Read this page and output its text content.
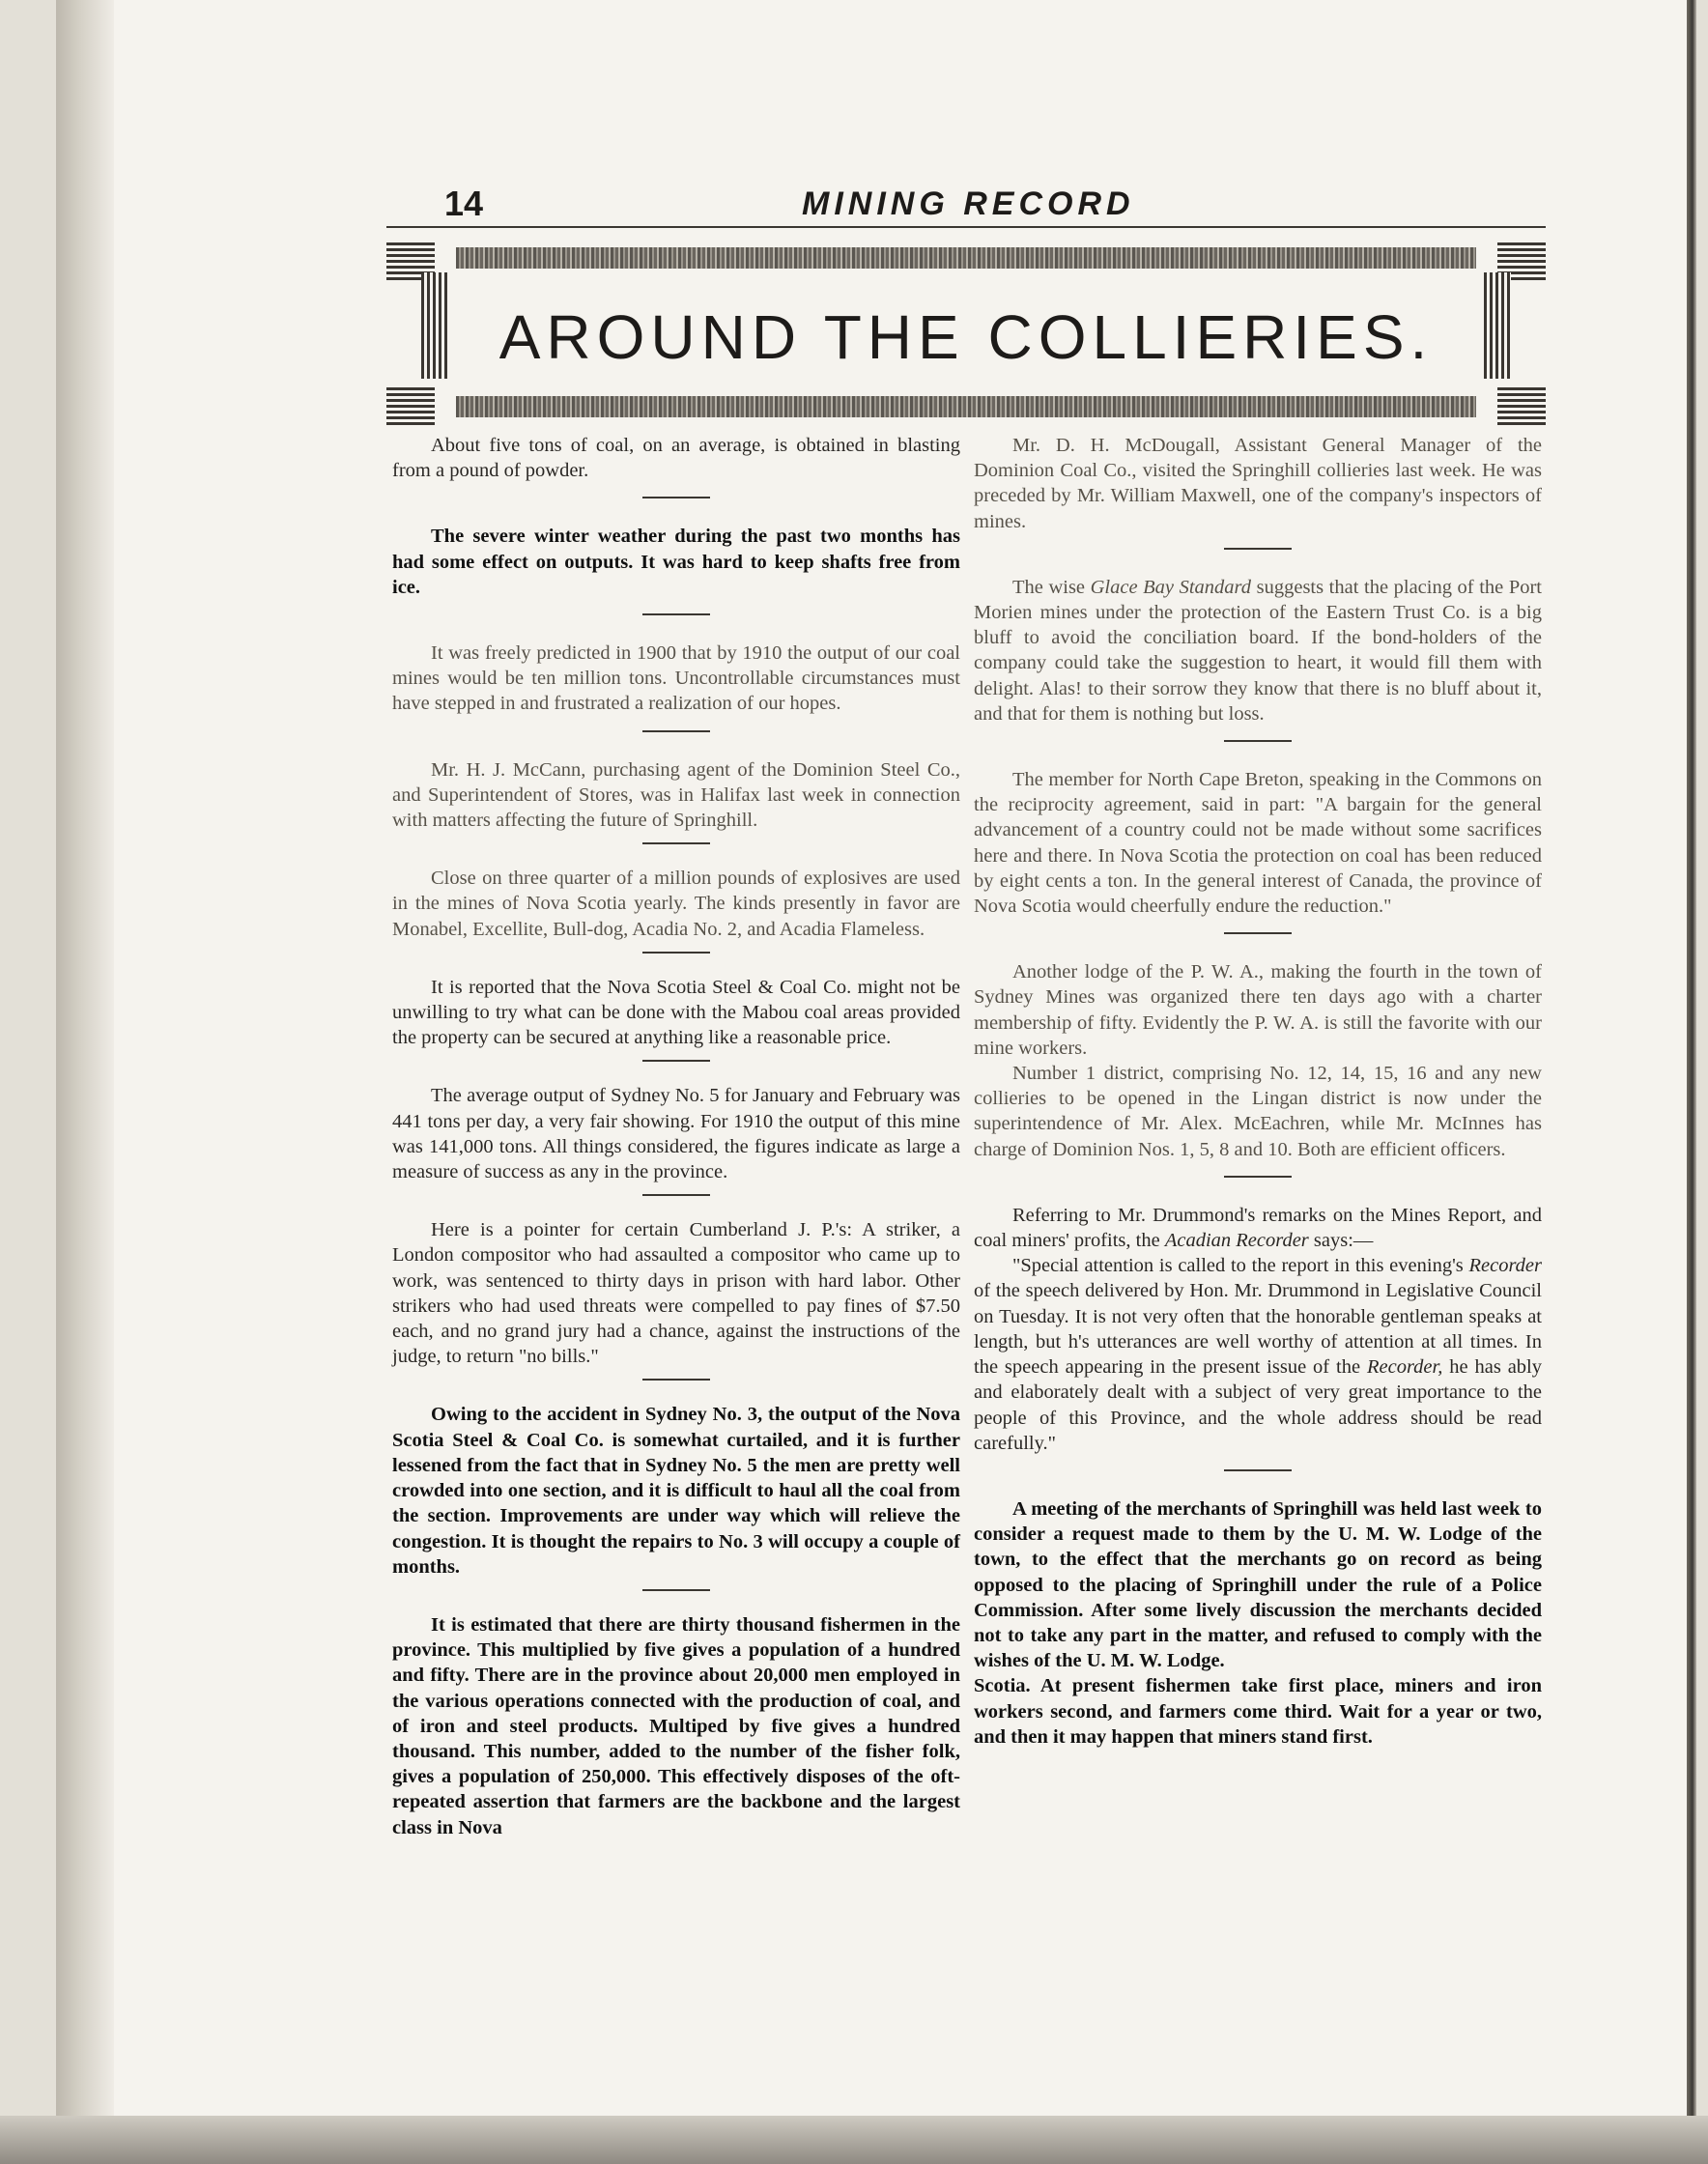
14	MINING RECORD
AROUND THE COLLIERIES.

About five tons of coal, on an average, is obtained in blasting from a pound of powder.

The severe winter weather during the past two months has had some effect on outputs. It was hard to keep shafts free from ice.

It was freely predicted in 1900 that by 1910 the output of our coal mines would be ten million tons. Uncontrollable circumstances must have stepped in and frustrated a realization of our hopes.

Mr. H. J. McCann, purchasing agent of the Dominion Steel Co., and Superintendent of Stores, was in Halifax last week in connection with matters affecting the future of Springhill.

Close on three quarter of a million pounds of explosives are used in the mines of Nova Scotia yearly. The kinds presently in favor are Monabel, Excellite, Bull-dog, Acadia No. 2, and Acadia Flameless.

It is reported that the Nova Scotia Steel & Coal Co. might not be unwilling to try what can be done with the Mabou coal areas provided the property can be secured at anything like a reasonable price.

The average output of Sydney No. 5 for January and February was 441 tons per day, a very fair showing. For 1910 the output of this mine was 141,000 tons. All things considered, the figures indicate as large a measure of success as any in the province.

Here is a pointer for certain Cumberland J. P.'s: A striker, a London compositor who had assaulted a compositor who came up to work, was sentenced to thirty days in prison with hard labor. Other strikers who had used threats were compelled to pay fines of $7.50 each, and no grand jury had a chance, against the instructions of the judge, to return "no bills."

Owing to the accident in Sydney No. 3, the output of the Nova Scotia Steel & Coal Co. is somewhat curtailed, and it is further lessened from the fact that in Sydney No. 5 the men are pretty well crowded into one section, and it is difficult to haul all the coal from the section. Improvements are under way which will relieve the congestion. It is thought the repairs to No. 3 will occupy a couple of months.

It is estimated that there are thirty thousand fishermen in the province. This multiplied by five gives a population of a hundred and fifty. There are in the province about 20,000 men employed in the various operations connected with the production of coal, and of iron and steel products. Multiped by five gives a hundred thousand. This number, added to the number of the fisher folk, gives a population of 250,000. This effectively disposes of the oft-repeated assertion that farmers are the backbone and the largest class in Nova

Mr. D. H. McDougall, Assistant General Manager of the Dominion Coal Co., visited the Springhill collieries last week. He was preceded by Mr. William Maxwell, one of the company's inspectors of mines.

The wise Glace Bay Standard suggests that the placing of the Port Morien mines under the protection of the Eastern Trust Co. is a big bluff to avoid the conciliation board. If the bond-holders of the company could take the suggestion to heart, it would fill them with delight. Alas! to their sorrow they know that there is no bluff about it, and that for them is nothing but loss.

The member for North Cape Breton, speaking in the Commons on the reciprocity agreement, said in part: "A bargain for the general advancement of a country could not be made without some sacrifices here and there. In Nova Scotia the protection on coal has been reduced by eight cents a ton. In the general interest of Canada, the province of Nova Scotia would cheerfully endure the reduction."

Another lodge of the P. W. A., making the fourth in the town of Sydney Mines was organized there ten days ago with a charter membership of fifty. Evidently the P. W. A. is still the favorite with our mine workers.

Number 1 district, comprising No. 12, 14, 15, 16 and any new collieries to be opened in the Lingan district is now under the superintendence of Mr. Alex. McEachren, while Mr. McInnes has charge of Dominion Nos. 1, 5, 8 and 10. Both are efficient officers.

Referring to Mr. Drummond's remarks on the Mines Report, and coal miners' profits, the Acadian Recorder says:—

"Special attention is called to the report in this evening's Recorder of the speech delivered by Hon. Mr. Drummond in Legislative Council on Tuesday. It is not very often that the honorable gentleman speaks at length, but h's utterances are well worthy of attention at all times. In the speech appearing in the present issue of the Recorder, he has ably and elaborately dealt with a subject of very great importance to the people of this Province, and the whole address should be read carefully."

A meeting of the merchants of Springhill was held last week to consider a request made to them by the U. M. W. Lodge of the town, to the effect that the merchants go on record as being opposed to the placing of Springhill under the rule of a Police Commission. After some lively discussion the merchants decided not to take any part in the matter, and refused to comply with the wishes of the U. M. W. Lodge.

Scotia. At present fishermen take first place, miners and iron workers second, and farmers come third. Wait for a year or two, and then it may happen that miners stand first.
